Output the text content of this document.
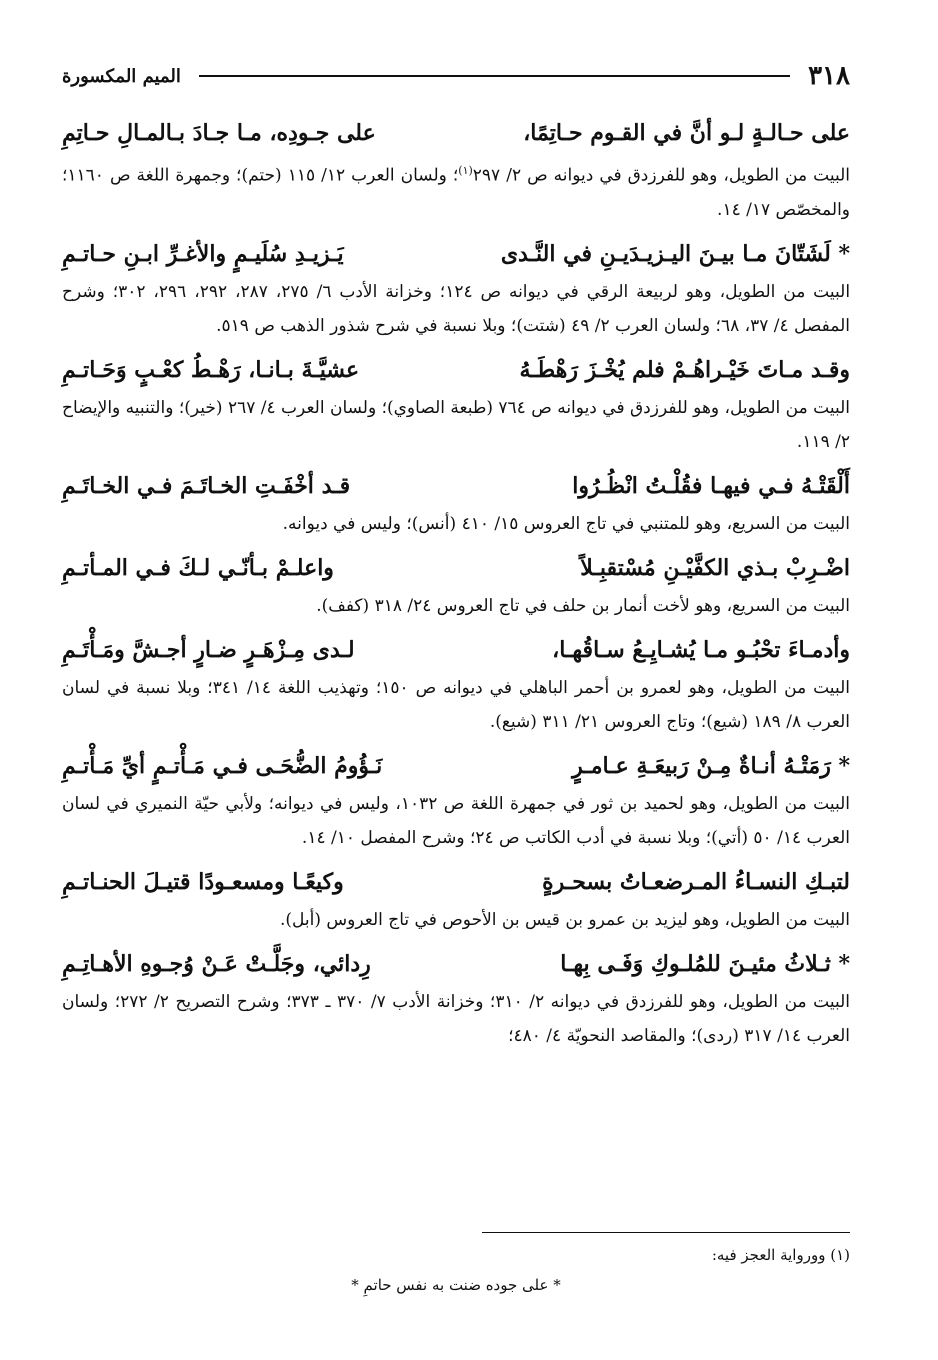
٣١٨
الميم المكسورة
على حـالـةٍ لـو أنَّ في القـوم حـاتِمًا،
على جـودِه، مـا جـادَ بـالمـالِ حـاتِمِ

البيت من الطويل، وهو للفرزدق في ديوانه ص ٢/ ٢٩٧$^{(١)}$؛ ولسان العرب ١٢/ ١١٥ (حتم)؛ وجمهرة اللغة ص ١١٦٠؛ والمخصّص ١٧/ ١٤.

* لَشَتّانَ مـا بيـنَ اليـزيـدَيـنِ في النَّـدى
يَـزيـدِ سُلَيـمٍ والأغـرِّ ابـنِ حـاتـمِ

البيت من الطويل، وهو لربيعة الرقي في ديوانه ص ١٢٤؛ وخزانة الأدب ٦/ ٢٧٥، ٢٨٧، ٢٩٢، ٢٩٦، ٣٠٢؛ وشرح المفصل ٤/ ٣٧، ٦٨؛ ولسان العرب ٢/ ٤٩ (شتت)؛ وبلا نسبة في شرح شذور الذهب ص ٥١٩.

وقـد مـاتَ خَيْـراهُـمْ فلم يُخْـزَ رَهْطَـهُ
عشيَّـةَ بـانـا، رَهْـطُ كعْـبٍ وَحَـاتـمِ

البيت من الطويل، وهو للفرزدق في ديوانه ص ٧٦٤ (طبعة الصاوي)؛ ولسان العرب ٤/ ٢٦٧ (خير)؛ والتنبيه والإيضاح ٢/ ١١٩.

أَلْقَتْـهُ فـي فيهـا فقُلْـتُ انْظُـرُوا
قـد أخْفَـتِ الخـاتَـمَ فـي الخـاتَـمِ

البيت من السريع، وهو للمتنبي في تاج العروس ١٥/ ٤١٠ (أنس)؛ وليس في ديوانه.

اضْـرِبْ بـذي الكفَّيْـنِ مُسْتقبِـلاً
واعلـمْ بـأنّـي لـكَ فـي المـأتـمِ

البيت من السريع، وهو لأخت أنمار بن حلف في تاج العروس ٢٤/ ٣١٨ (كفف).

وأدمـاءَ تحْبُـو مـا يُشـايِـعُ سـاقُهـا،
لـدى مِـزْهَـرٍ ضـارٍ أجـشَّ ومَـأْتَـمِ

البيت من الطويل، وهو لعمرو بن أحمر الباهلي في ديوانه ص ١٥٠؛ وتهذيب اللغة ١٤/ ٣٤١؛ وبلا نسبة في لسان العرب ٨/ ١٨٩ (شيع)؛ وتاج العروس ٢١/ ٣١١ (شيع).

* رَمَتْـهُ أنـاةٌ مِـنْ رَبيعَـةِ عـامـرٍ
نَـؤُومُ الضُّحَـى فـي مَـأْتـمٍ أيِّ مَـأْتـمِ

البيت من الطويل، وهو لحميد بن ثور في جمهرة اللغة ص ١٠٣٢، وليس في ديوانه؛ ولأبي حيّة النميري في لسان العرب ١٤/ ٥٠ (أتي)؛ وبلا نسبة في أدب الكاتب ص ٢٤؛ وشرح المفصل ١٠/ ١٤.

لتبـكِ النسـاءُ المـرضعـاتُ بسحـرةٍ
وكيعًـا ومسعـودًا قتيـلَ الحنـاتـمِ

البيت من الطويل، وهو ليزيد بن عمرو بن قيس بن الأحوص في تاج العروس (أبل).

* ثـلاثُ مئيـنَ للمُلـوكِ وَفَـى بِهـا
رِدائي، وجَلَّـتْ عَـنْ وُجـوهِ الأهـاتِـمِ

البيت من الطويل، وهو للفرزدق في ديوانه ٢/ ٣١٠؛ وخزانة الأدب ٧/ ٣٧٠ ـ ٣٧٣؛ وشرح التصريح ٢/ ٢٧٢؛ ولسان العرب ١٤/ ٣١٧ (ردى)؛ والمقاصد النحويّة ٤/ ٤٨٠؛

(١) وورواية العجز فيه:
* على جوده ضنت به نفس حاتمِ *
